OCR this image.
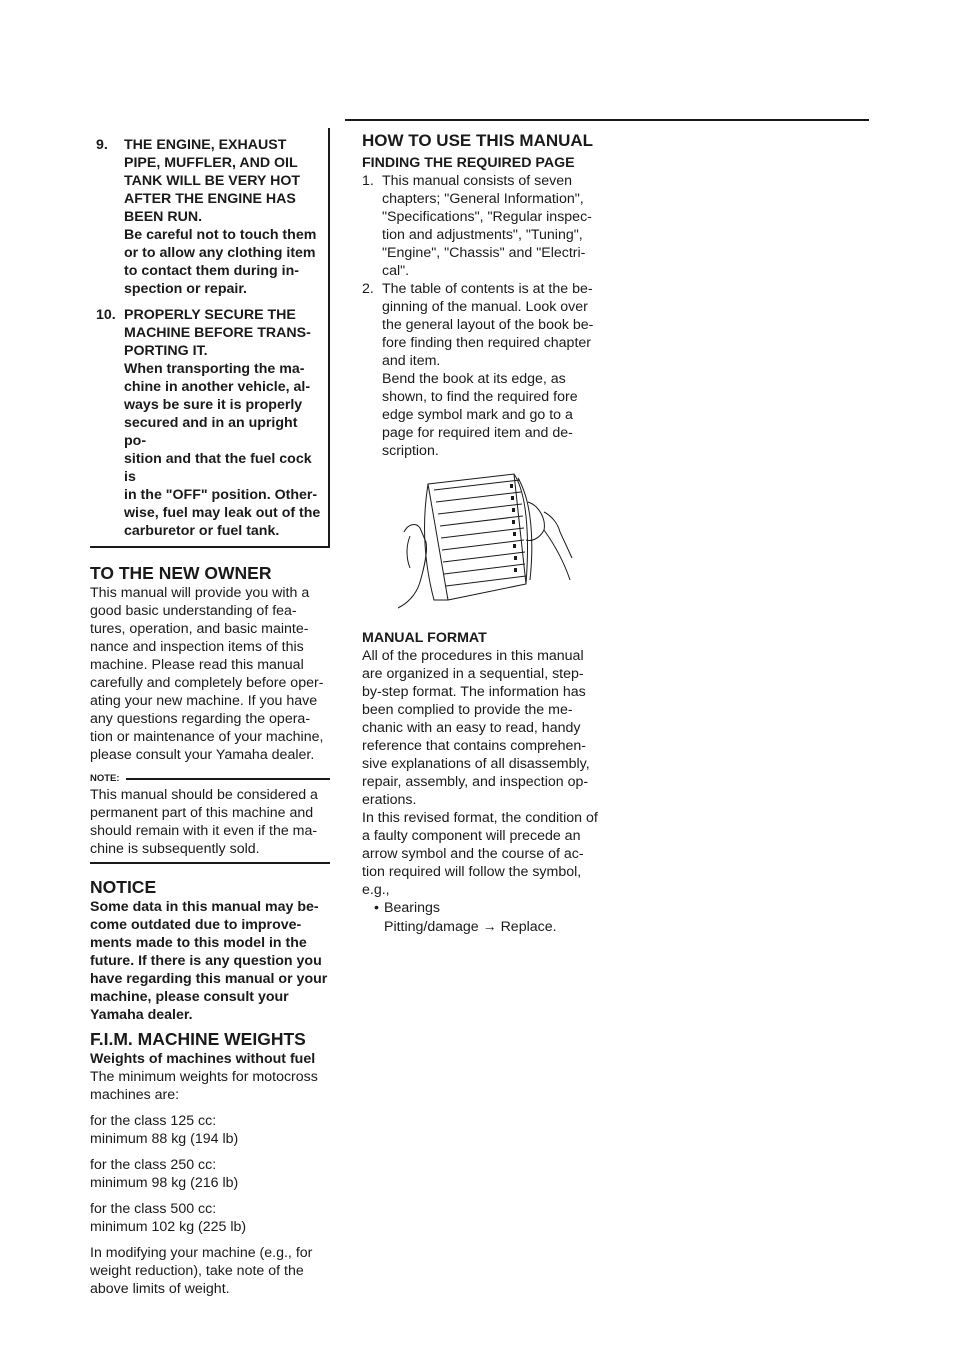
9.	THE ENGINE, EXHAUST
PIPE, MUFFLER, AND OIL
TANK WILL BE VERY HOT
AFTER THE ENGINE HAS
BEEN RUN.
Be careful not to touch them
or to allow any clothing item
to contact them during in-
spection or repair.
10. PROPERLY SECURE THE
MACHINE BEFORE TRANS-
PORTING IT.
When transporting the ma-
chine in another vehicle, al-
ways be sure it is properly
secured and in an upright po-
sition and that the fuel cock is
in the "OFF" position. Other-
wise, fuel may leak out of the
carburetor or fuel tank.
TO THE NEW OWNER
This manual will provide you with a
good basic understanding of fea-
tures, operation, and basic mainte-
nance and inspection items of this
machine. Please read this manual
carefully and completely before oper-
ating your new machine. If you have
any questions regarding the opera-
tion or maintenance of your machine,
please consult your Yamaha dealer.
NOTE:
This manual should be considered a
permanent part of this machine and
should remain with it even if the ma-
chine is subsequently sold.
NOTICE
Some data in this manual may be-
come outdated due to improve-
ments made to this model in the
future. If there is any question you
have regarding this manual or your
machine, please consult your
Yamaha dealer.
F.I.M. MACHINE WEIGHTS
Weights of machines without fuel
The minimum weights for motocross
machines are:
for the class 125 cc:
minimum 88 kg (194 lb)
for the class 250 cc:
minimum 98 kg (216 lb)
for the class 500 cc:
minimum 102 kg (225 lb)
In modifying your machine (e.g., for
weight reduction), take note of the
above limits of weight.
HOW TO USE THIS MANUAL
FINDING THE REQUIRED PAGE
1. This manual consists of seven
chapters; "General Information",
"Specifications", "Regular inspec-
tion and adjustments", "Tuning",
"Engine", "Chassis" and "Electri-
cal".
2. The table of contents is at the be-
ginning of the manual. Look over
the general layout of the book be-
fore finding then required chapter
and item.
Bend the book at its edge, as
shown, to find the required fore
edge symbol mark and go to a
page for required item and de-
scription.
MANUAL FORMAT
All of the procedures in this manual
are organized in a sequential, step-
by-step format. The information has
been complied to provide the me-
chanic with an easy to read, handy
reference that contains comprehen-
sive explanations of all disassembly,
repair, assembly, and inspection op-
erations.
In this revised format, the condition of
a faulty component will precede an
arrow symbol and the course of ac-
tion required will follow the symbol,
e.g.,
• Bearings
Pitting/damage → Replace.
